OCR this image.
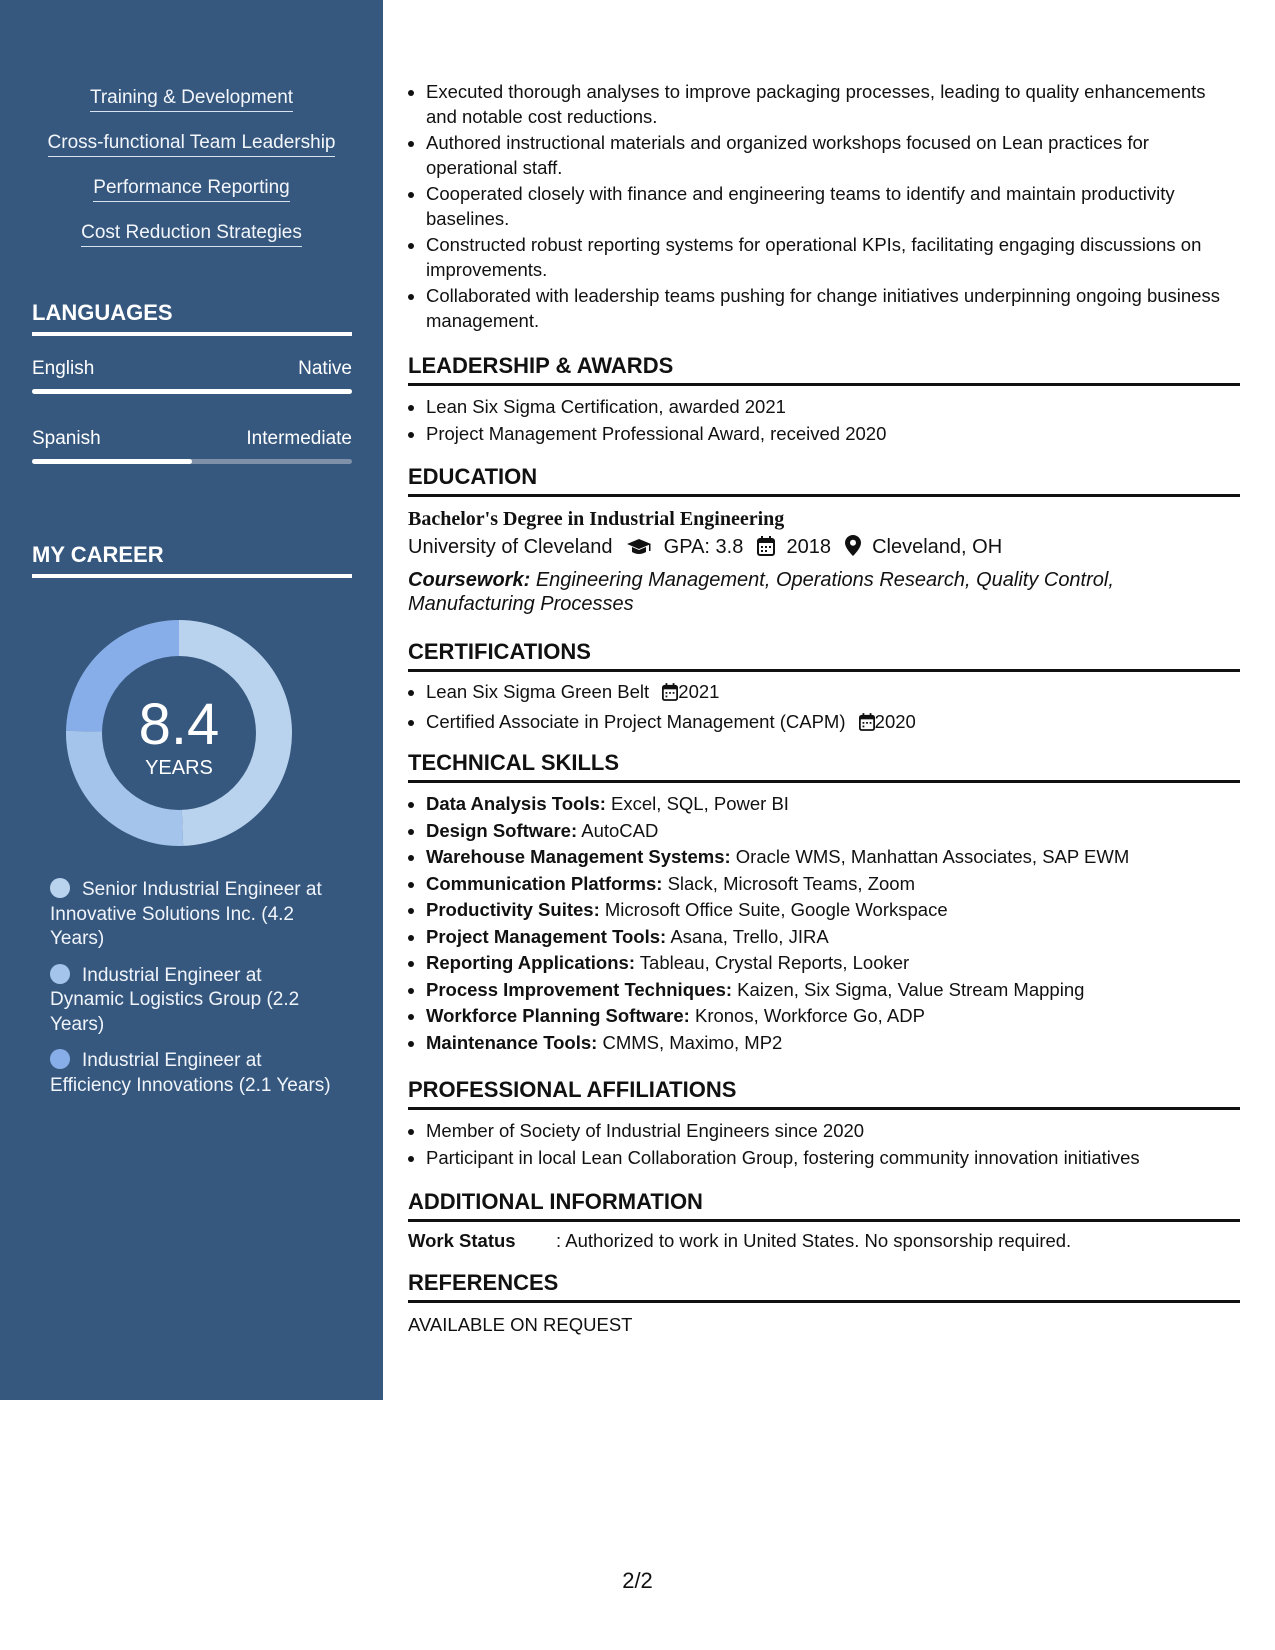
Training & Development
Cross-functional Team Leadership
Performance Reporting
Cost Reduction Strategies
LANGUAGES
English	Native
Spanish	Intermediate
MY CAREER
8.4
YEARS
Senior Industrial Engineer at Innovative Solutions Inc. (4.2 Years)
Industrial Engineer at Dynamic Logistics Group (2.2 Years)
Industrial Engineer at Efficiency Innovations (2.1 Years)
• Executed thorough analyses to improve packaging processes, leading to quality enhancements and notable cost reductions.
• Authored instructional materials and organized workshops focused on Lean practices for operational staff.
• Cooperated closely with finance and engineering teams to identify and maintain productivity baselines.
• Constructed robust reporting systems for operational KPIs, facilitating engaging discussions on improvements.
• Collaborated with leadership teams pushing for change initiatives underpinning ongoing business management.
LEADERSHIP & AWARDS
• Lean Six Sigma Certification, awarded 2021
• Project Management Professional Award, received 2020
EDUCATION
Bachelor's Degree in Industrial Engineering
University of Cleveland	GPA: 3.8 2018 Cleveland, OH
Coursework: Engineering Management, Operations Research, Quality Control, Manufacturing Processes
CERTIFICATIONS
• Lean Six Sigma Green Belt 2021
• Certified Associate in Project Management (CAPM) 2020
TECHNICAL SKILLS
• Data Analysis Tools: Excel, SQL, Power BI
• Design Software: AutoCAD
• Warehouse Management Systems: Oracle WMS, Manhattan Associates, SAP EWM
• Communication Platforms: Slack, Microsoft Teams, Zoom
• Productivity Suites: Microsoft Office Suite, Google Workspace
• Project Management Tools: Asana, Trello, JIRA
• Reporting Applications: Tableau, Crystal Reports, Looker
• Process Improvement Techniques: Kaizen, Six Sigma, Value Stream Mapping
• Workforce Planning Software: Kronos, Workforce Go, ADP
• Maintenance Tools: CMMS, Maximo, MP2
PROFESSIONAL AFFILIATIONS
• Member of Society of Industrial Engineers since 2020
• Participant in local Lean Collaboration Group, fostering community innovation initiatives
ADDITIONAL INFORMATION
Work Status : Authorized to work in United States. No sponsorship required.
REFERENCES
AVAILABLE ON REQUEST
2/2
